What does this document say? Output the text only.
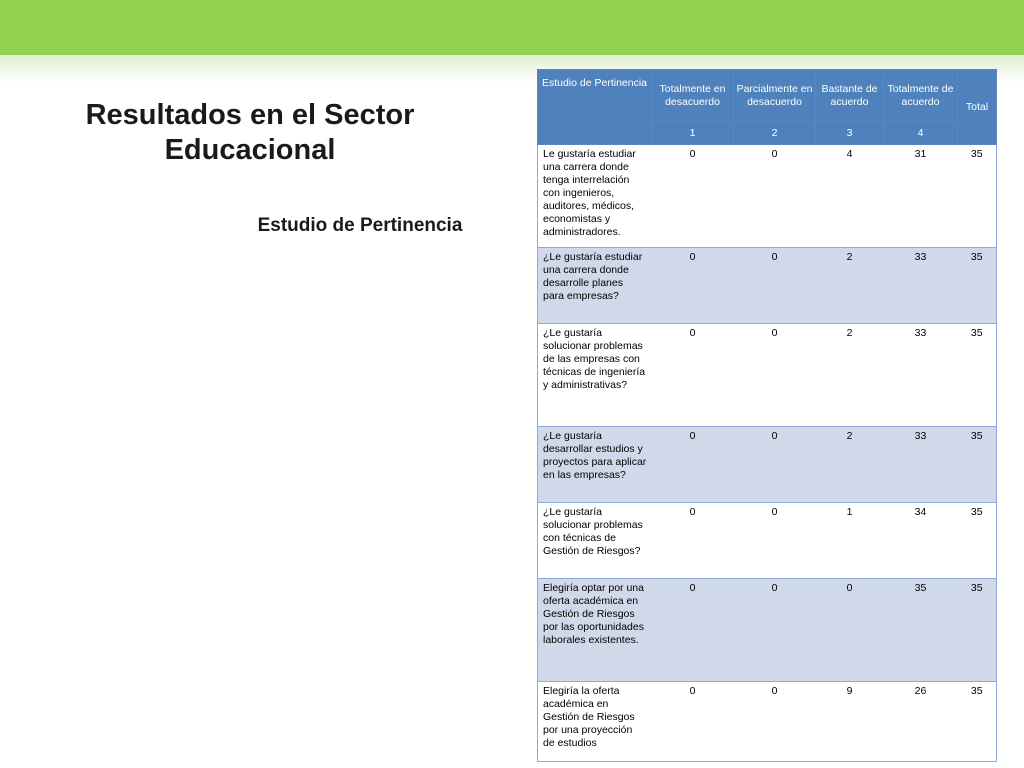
Resultados en el Sector
Educacional

Estudio de Pertinencia

Estudio de Pertinencia	Totalmente en desacuerdo	Parcialmente en desacuerdo	Bastante de acuerdo	Totalmente de acuerdo	Total
	1	2	3	4	
Le gustaría estudiar una carrera donde tenga interrelación con ingenieros, auditores, médicos, economistas y administradores.	0	0	4	31	35
¿Le gustaría estudiar una carrera donde desarrolle planes para empresas?	0	0	2	33	35
¿Le gustaría solucionar problemas de las empresas con técnicas de ingeniería y administrativas?	0	0	2	33	35
¿Le gustaría desarrollar estudios y proyectos para aplicar en las empresas?	0	0	2	33	35
¿Le gustaría solucionar problemas con técnicas de Gestión de Riesgos?	0	0	1	34	35
Elegiría optar por una oferta académica en Gestión de Riesgos por las oportunidades laborales existentes.	0	0	0	35	35
Elegiría la oferta académica en Gestión de Riesgos por una proyección de estudios	0	0	9	26	35
